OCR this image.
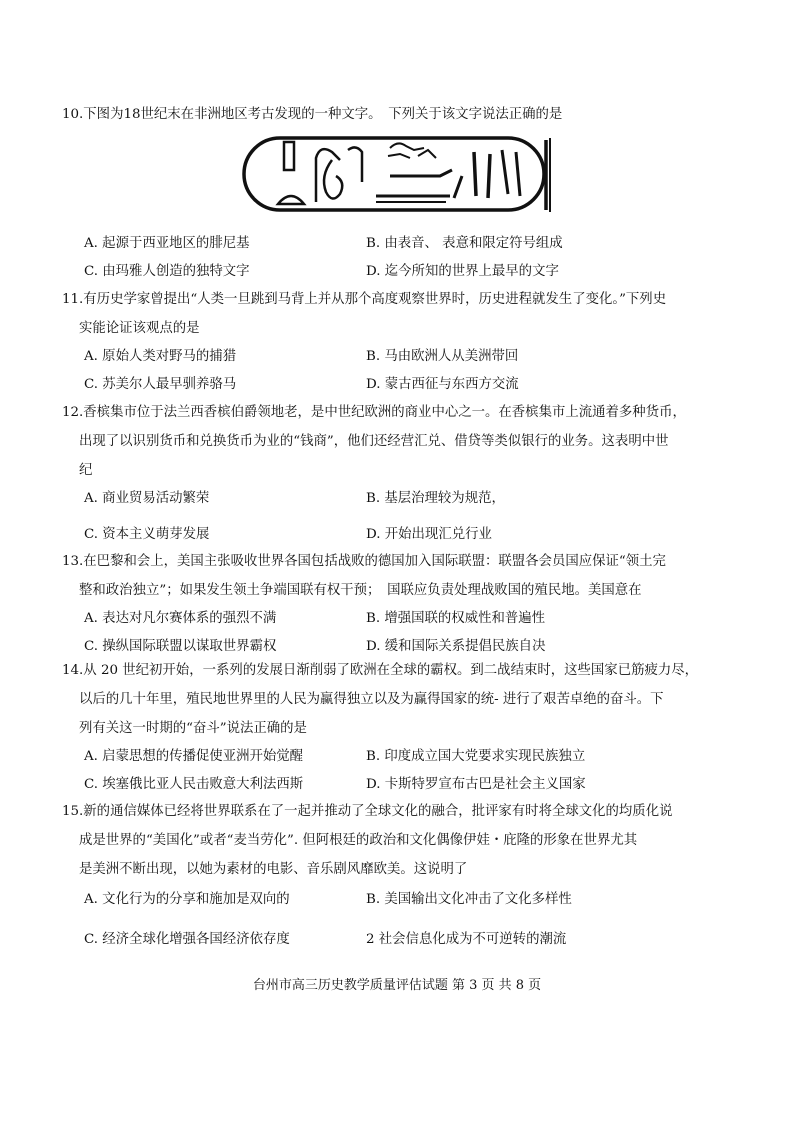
10.下图为18世纪末在非洲地区考古发现的一种文字。　下列关于该文字说法正确的是
A. 起源于西亚地区的腓尼基	B. 由表音、 表意和限定符号组成
C. 由玛雅人创造的独特文字	D. 迄今所知的世界上最早的文字
11.有历史学家曾提出“人类一旦跳到马背上并从那个高度观察世界时，历史进程就发生了变化。”下列史
实能论证该观点的是
A. 原始人类对野马的捕猎	B. 马由欧洲人从美洲带回
C. 苏美尔人最早驯养骆马	D. 蒙古西征与东西方交流
12.香槟集市位于法兰西香槟伯爵领地老，是中世纪欧洲的商业中心之一。在香槟集市上流通着多种货币，
出现了以识别货币和兑换货币为业的“钱商”，他们还经营汇兑、借贷等类似银行的业务。这表明中世
纪
A. 商业贸易活动繁荣	B. 基层治理较为规范，
C. 资本主义萌芽发展	D. 开始出现汇兑行业
13.在巴黎和会上，美国主张吸收世界各国包括战败的德国加入国际联盟：联盟各会员国应保证“领土完
整和政治独立”；如果发生领土争端国联有权干预；　国联应负责处理战败国的殖民地。美国意在
A. 表达对凡尔赛体系的强烈不满	B. 增强国联的权威性和普遍性
C. 操纵国际联盟以谋取世界霸权	D. 缓和国际关系提倡民族自决
14.从 20 世纪初开始，一系列的发展日渐削弱了欧洲在全球的霸权。到二战结束时，这些国家已筋疲力尽，
以后的几十年里，殖民地世界里的人民为赢得独立以及为赢得国家的统- 进行了艰苦卓绝的奋斗。下
列有关这一时期的“奋斗”说法正确的是
A. 启蒙思想的传播促使亚洲开始觉醒	B. 印度成立国大党要求实现民族独立
C. 埃塞俄比亚人民击败意大利法西斯	D. 卡斯特罗宣布古巴是社会主义国家
15.新的通信媒体已经将世界联系在了一起并推动了全球文化的融合，批评家有时将全球文化的均质化说
成是世界的“美国化”或者“麦当劳化”. 但阿根廷的政治和文化偶像伊娃・庇隆的形象在世界尤其
是美洲不断出现，以她为素材的电影、音乐剧风靡欧美。这说明了
A. 文化行为的分享和施加是双向的	B. 美国输出文化冲击了文化多样性
C. 经济全球化增强各国经济依存度	2 社会信息化成为不可逆转的潮流
台州市高三历史教学质量评估试题 第 3 页 共 8 页
